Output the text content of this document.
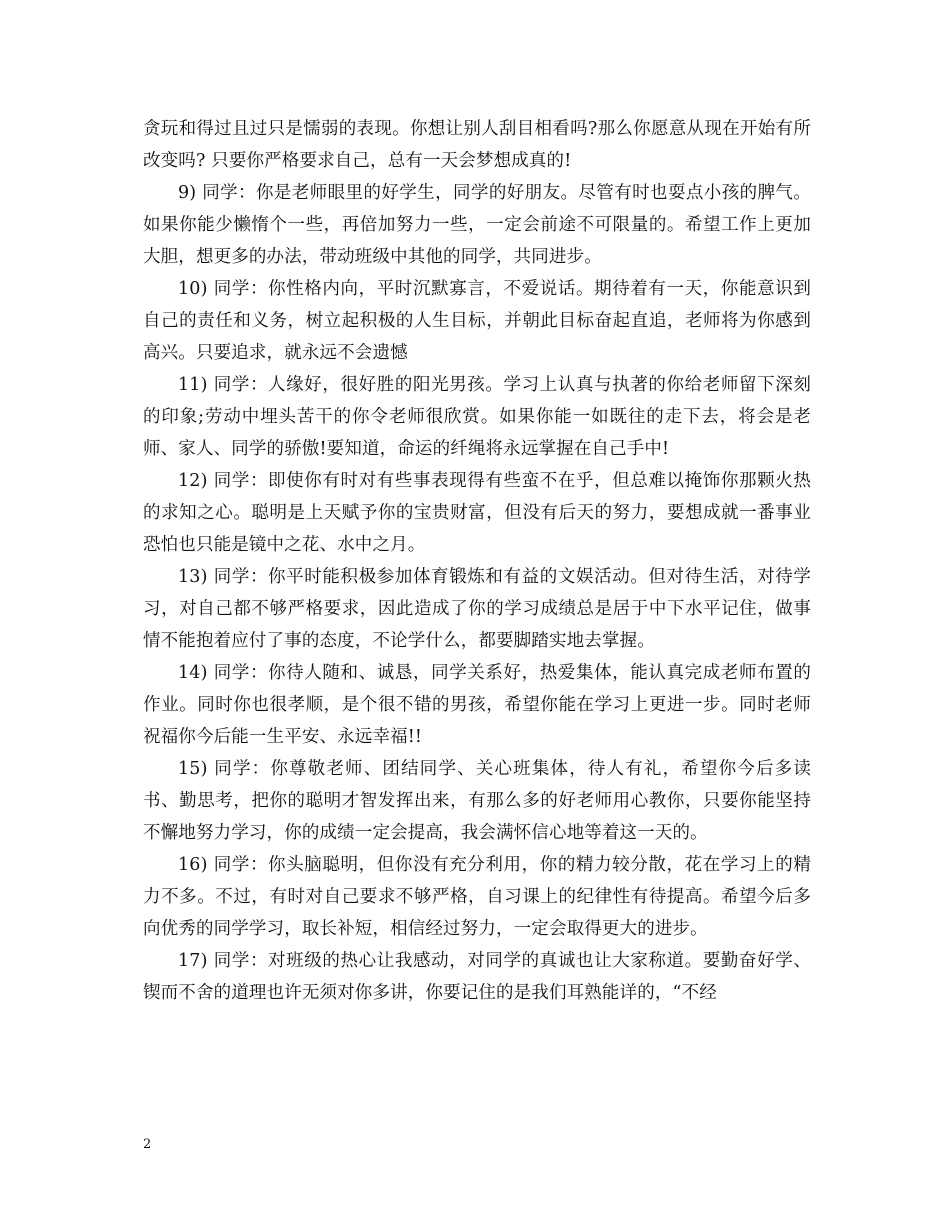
贪玩和得过且过只是懦弱的表现。你想让别人刮目相看吗?那么你愿意从现在开始有所改变吗? 只要你严格要求自己，总有一天会梦想成真的!

9) 同学：你是老师眼里的好学生，同学的好朋友。尽管有时也耍点小孩的脾气。如果你能少懒惰个一些，再倍加努力一些，一定会前途不可限量的。希望工作上更加大胆，想更多的办法，带动班级中其他的同学，共同进步。

10) 同学：你性格内向，平时沉默寡言，不爱说话。期待着有一天，你能意识到自己的责任和义务，树立起积极的人生目标，并朝此目标奋起直追，老师将为你感到高兴。只要追求，就永远不会遗憾

11) 同学：人缘好，很好胜的阳光男孩。学习上认真与执著的你给老师留下深刻的印象;劳动中埋头苦干的你令老师很欣赏。如果你能一如既往的走下去，将会是老师、家人、同学的骄傲!要知道，命运的纤绳将永远掌握在自己手中!

12) 同学：即使你有时对有些事表现得有些蛮不在乎，但总难以掩饰你那颗火热的求知之心。聪明是上天赋予你的宝贵财富，但没有后天的努力，要想成就一番事业恐怕也只能是镜中之花、水中之月。

13) 同学：你平时能积极参加体育锻炼和有益的文娱活动。但对待生活，对待学习，对自己都不够严格要求，因此造成了你的学习成绩总是居于中下水平记住，做事情不能抱着应付了事的态度，不论学什么，都要脚踏实地去掌握。

14) 同学：你待人随和、诚恳，同学关系好，热爱集体，能认真完成老师布置的作业。同时你也很孝顺，是个很不错的男孩，希望你能在学习上更进一步。同时老师祝福你今后能一生平安、永远幸福!!

15) 同学：你尊敬老师、团结同学、关心班集体，待人有礼，希望你今后多读书、勤思考，把你的聪明才智发挥出来，有那么多的好老师用心教你，只要你能坚持不懈地努力学习，你的成绩一定会提高，我会满怀信心地等着这一天的。

16) 同学：你头脑聪明，但你没有充分利用，你的精力较分散，花在学习上的精力不多。不过，有时对自己要求不够严格，自习课上的纪律性有待提高。希望今后多向优秀的同学学习，取长补短，相信经过努力，一定会取得更大的进步。

17) 同学：对班级的热心让我感动，对同学的真诚也让大家称道。要勤奋好学、锲而不舍的道理也许无须对你多讲，你要记住的是我们耳熟能详的，“不经

2
